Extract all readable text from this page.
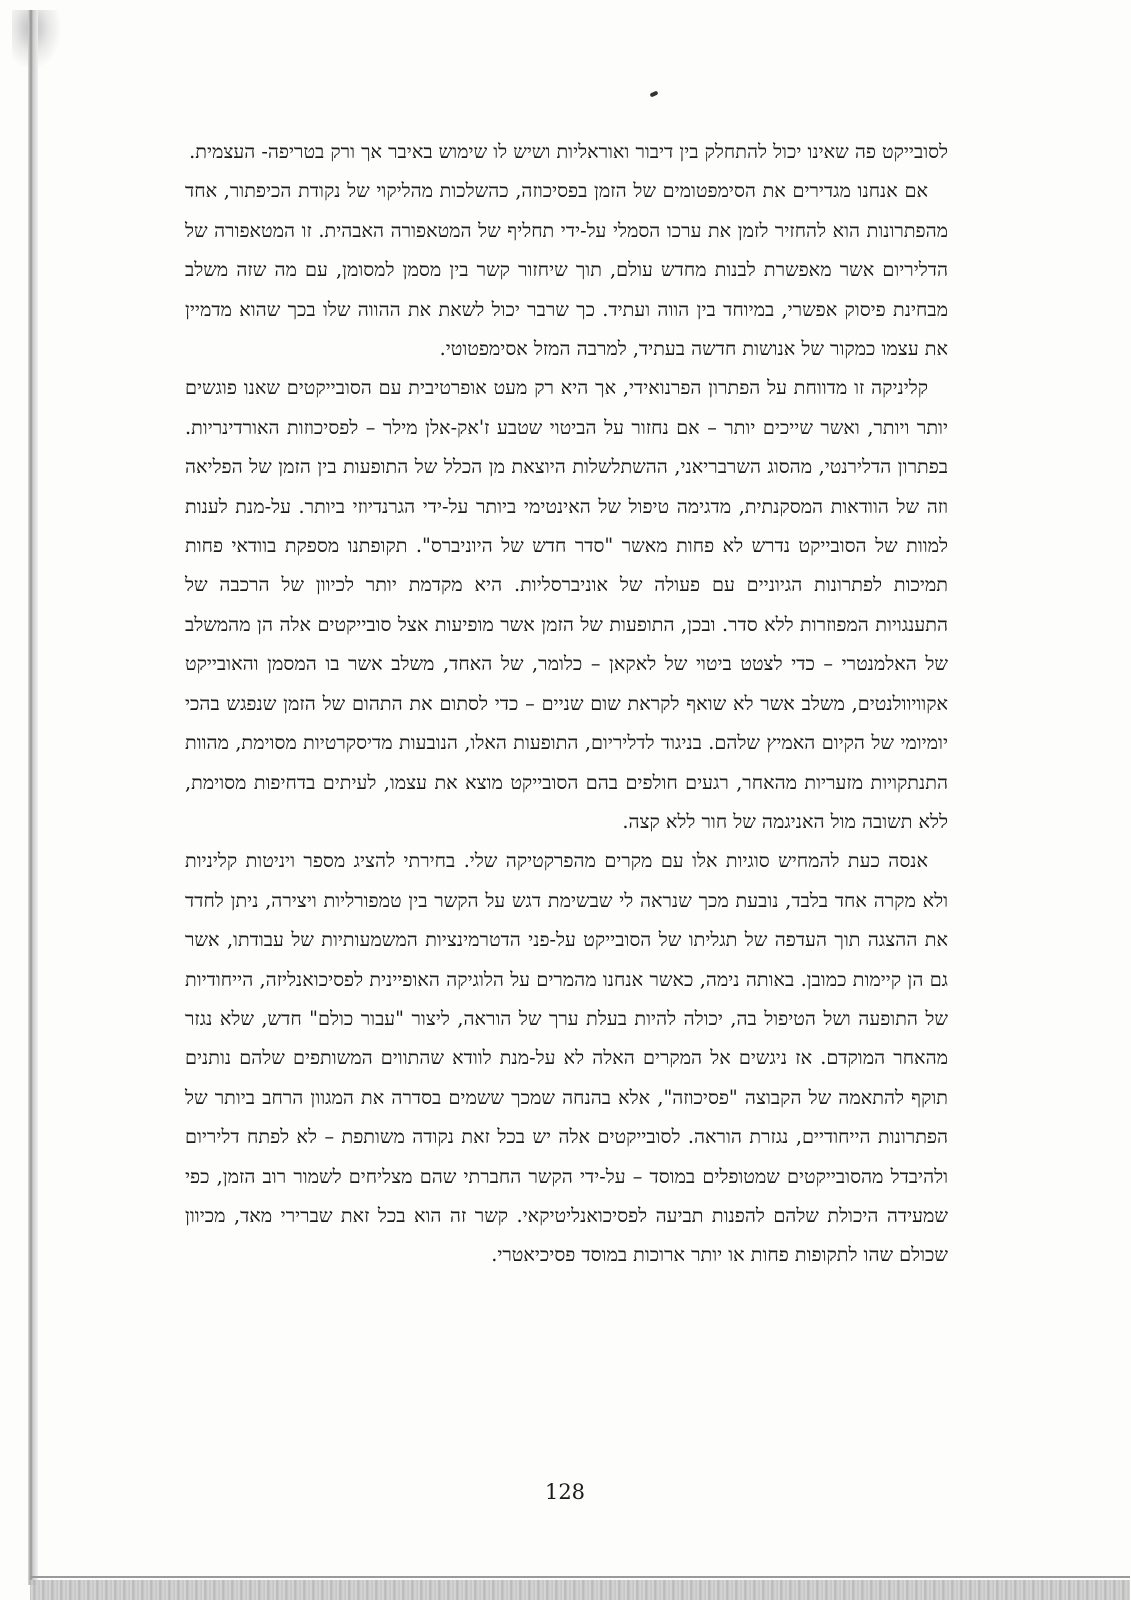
לסובייקט פה שאינו יכול להתחלק בין דיבור ואוראליות ושיש לו שימוש באיבר אך ורק בטריפה- העצמית.

אם אנחנו מגדירים את הסימפטומים של הזמן בפסיכוזה, כהשלכות מהליקוי של נקודת הכיפתור, אחד מהפתרונות הוא להחזיר לזמן את ערכו הסמלי על-ידי תחליף של המטאפורה האבהית. זו המטאפורה של הדליריום אשר מאפשרת לבנות מחדש עולם, תוך שיחזור קשר בין מסמן למסומן, עם מה שזה משלב מבחינת פיסוק אפשרי, במיוחד בין הווה ועתיד. כך שרבר יכול לשאת את ההווה שלו בכך שהוא מדמיין את עצמו כמקור של אנושות חדשה בעתיד, למרבה המזל אסימפטוטי.

קליניקה זו מדווחת על הפתרון הפרנואידי, אך היא רק מעט אופרטיבית עם הסובייקטים שאנו פוגשים יותר ויותר, ואשר שייכים יותר – אם נחזור על הביטוי שטבע ז'אק-אלן מילר – לפסיכוזות האורדינריות. בפתרון הדלירנטי, מהסוג השרבריאני, ההשתלשלות היוצאת מן הכלל של התופעות בין הזמן של הפליאה וזה של הוודאות המסקנתית, מדגימה טיפול של האינטימי ביותר על-ידי הגרנדיוזי ביותר. על-מנת לענות למוות של הסובייקט נדרש לא פחות מאשר "סדר חדש של היוניברס". תקופתנו מספקת בוודאי פחות תמיכות לפתרונות הגיוניים עם פעולה של אוניברסליות. היא מקדמת יותר לכיוון של הרכבה של התענגויות המפוזרות ללא סדר. ובכן, התופעות של הזמן אשר מופיעות אצל סובייקטים אלה הן מהמשלב של האלמנטרי – כדי לצטט ביטוי של לאקאן – כלומר, של האחד, משלב אשר בו המסמן והאובייקט אקוויוולנטים, משלב אשר לא שואף לקראת שום שניים – כדי לסתום את התהום של הזמן שנפגש בהכי יומיומי של הקיום האמיץ שלהם. בניגוד לדליריום, התופעות האלו, הנובעות מדיסקרטיות מסוימת, מהוות התנתקויות מזעריות מהאחר, רגעים חולפים בהם הסובייקט מוצא את עצמו, לעיתים בדחיפות מסוימת, ללא תשובה מול האניגמה של חור ללא קצה.

אנסה כעת להמחיש סוגיות אלו עם מקרים מהפרקטיקה שלי. בחירתי להציג מספר ויניטות קליניות ולא מקרה אחד בלבד, נובעת מכך שנראה לי שבשימת דגש על הקשר בין טמפורליות ויצירה, ניתן לחדד את ההצגה תוך העדפה של תגליתו של הסובייקט על-פני הדטרמינציות המשמעותיות של עבודתו, אשר גם הן קיימות כמובן. באותה נימה, כאשר אנחנו מהמרים על הלוגיקה האופיינית לפסיכואנליזה, הייחודיות של התופעה ושל הטיפול בה, יכולה להיות בעלת ערך של הוראה, ליצור "עבור כולם" חדש, שלא נגזר מהאחר המוקדם. אז ניגשים אל המקרים האלה לא על-מנת לוודא שהתווים המשותפים שלהם נותנים תוקף להתאמה של הקבוצה "פסיכוזה", אלא בהנחה שמכך ששמים בסדרה את המגוון הרחב ביותר של הפתרונות הייחודיים, נגזרת הוראה. לסובייקטים אלה יש בכל זאת נקודה משותפת – לא לפתח דליריום ולהיבדל מהסובייקטים שמטופלים במוסד – על-ידי הקשר החברתי שהם מצליחים לשמור רוב הזמן, כפי שמעידה היכולת שלהם להפנות תביעה לפסיכואנליטיקאי. קשר זה הוא בכל זאת שברירי מאד, מכיוון שכולם שהו לתקופות פחות או יותר ארוכות במוסד פסיכיאטרי.

128
